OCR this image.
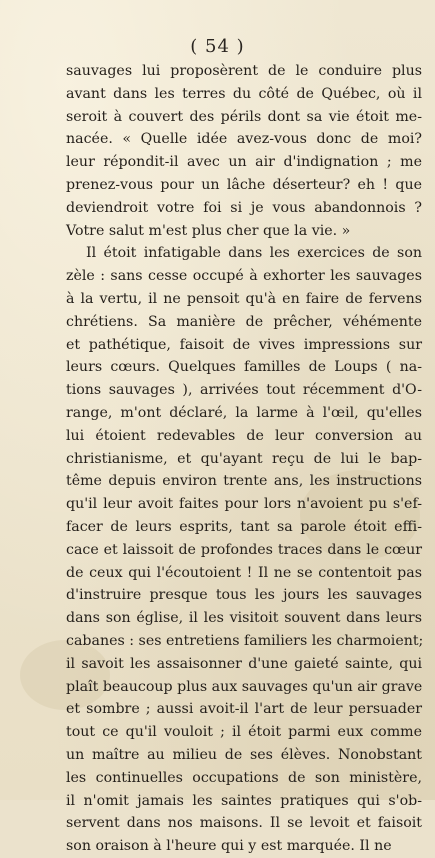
( 54 )
sauvages lui proposèrent de le conduire plus
avant dans les terres du côté de Québec, où il
seroit à couvert des périls dont sa vie étoit me-
nacée. « Quelle idée avez-vous donc de moi?
leur répondit-il avec un air d'indignation ; me
prenez-vous pour un lâche déserteur? eh ! que
deviendroit votre foi si je vous abandonnois ?
Votre salut m'est plus cher que la vie. »
Il étoit infatigable dans les exercices de son
zèle : sans cesse occupé à exhorter les sauvages
à la vertu, il ne pensoit qu'à en faire de fervens
chrétiens. Sa manière de prêcher, véhémente
et pathétique, faisoit de vives impressions sur
leurs cœurs. Quelques familles de Loups ( na-
tions sauvages ), arrivées tout récemment d'O-
range, m'ont déclaré, la larme à l'œil, qu'elles
lui étoient redevables de leur conversion au
christianisme, et qu'ayant reçu de lui le bap-
tême depuis environ trente ans, les instructions
qu'il leur avoit faites pour lors n'avoient pu s'ef-
facer de leurs esprits, tant sa parole étoit effi-
cace et laissoit de profondes traces dans le cœur
de ceux qui l'écoutoient ! Il ne se contentoit pas
d'instruire presque tous les jours les sauvages
dans son église, il les visitoit souvent dans leurs
cabanes : ses entretiens familiers les charmoient;
il savoit les assaisonner d'une gaieté sainte, qui
plaît beaucoup plus aux sauvages qu'un air grave
et sombre ; aussi avoit-il l'art de leur persuader
tout ce qu'il vouloit ; il étoit parmi eux comme
un maître au milieu de ses élèves. Nonobstant
les continuelles occupations de son ministère,
il n'omit jamais les saintes pratiques qui s'ob-
servent dans nos maisons. Il se levoit et faisoit
son oraison à l'heure qui y est marquée. Il ne
